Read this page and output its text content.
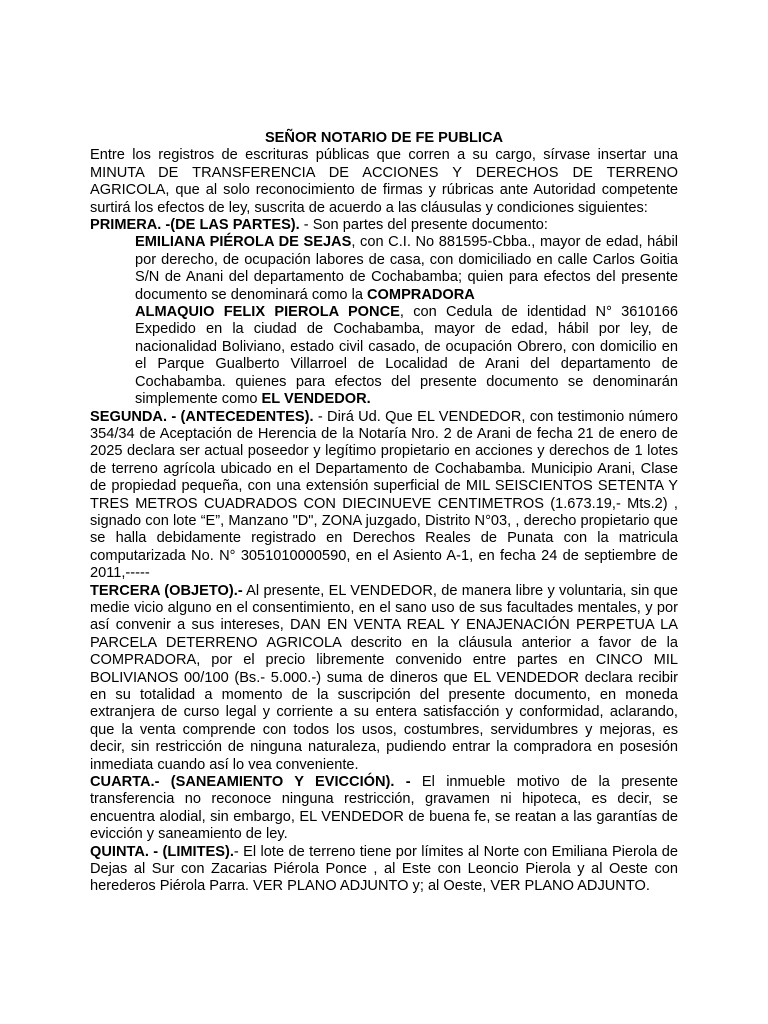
SEÑOR NOTARIO DE FE PUBLICA

Entre los registros de escrituras públicas que corren a su cargo, sírvase insertar una MINUTA DE TRANSFERENCIA DE ACCIONES Y DERECHOS DE TERRENO AGRICOLA, que al solo reconocimiento de firmas y rúbricas ante Autoridad competente surtirá los efectos de ley, suscrita de acuerdo a las cláusulas y condiciones siguientes:

PRIMERA. -(DE LAS PARTES). - Son partes del presente documento:

EMILIANA PIÉROLA DE SEJAS, con C.I. No 881595-Cbba., mayor de edad, hábil por derecho, de ocupación labores de casa, con domiciliado en calle Carlos Goitia S/N de Anani del departamento de Cochabamba; quien para efectos del presente documento se denominará como la COMPRADORA

ALMAQUIO FELIX PIEROLA PONCE, con Cedula de identidad N° 3610166 Expedido en la ciudad de Cochabamba, mayor de edad, hábil por ley, de nacionalidad Boliviano, estado civil casado, de ocupación Obrero, con domicilio en el Parque Gualberto Villarroel de Localidad de Arani del departamento de Cochabamba. quienes para efectos del presente documento se denominarán simplemente como EL VENDEDOR.

SEGUNDA. - (ANTECEDENTES). - Dirá Ud. Que EL VENDEDOR, con testimonio número 354/34 de Aceptación de Herencia de la Notaría Nro. 2 de Arani de fecha 21 de enero de 2025 declara ser actual poseedor y legítimo propietario en acciones y derechos de 1 lotes de terreno agrícola ubicado en el Departamento de Cochabamba. Municipio Arani, Clase de propiedad pequeña, con una extensión superficial de MIL SEISCIENTOS SETENTA Y TRES METROS CUADRADOS CON DIECINUEVE CENTIMETROS (1.673.19,- Mts.2) , signado con lote “E”, Manzano "D", ZONA juzgado, Distrito N°03, , derecho propietario que se halla debidamente registrado en Derechos Reales de Punata con la matricula computarizada No. N° 3051010000590, en el Asiento A-1, en fecha 24 de septiembre de 2011,-----

TERCERA (OBJETO).- Al presente, EL VENDEDOR, de manera libre y voluntaria, sin que medie vicio alguno en el consentimiento, en el sano uso de sus facultades mentales, y por así convenir a sus intereses, DAN EN VENTA REAL Y ENAJENACIÓN PERPETUA LA PARCELA DETERRENO AGRICOLA descrito en la cláusula anterior a favor de la COMPRADORA, por el precio libremente convenido entre partes en CINCO MIL BOLIVIANOS 00/100 (Bs.- 5.000.-) suma de dineros que EL VENDEDOR declara recibir en su totalidad a momento de la suscripción del presente documento, en moneda extranjera de curso legal y corriente a su entera satisfacción y conformidad, aclarando, que la venta comprende con todos los usos, costumbres, servidumbres y mejoras, es decir, sin restricción de ninguna naturaleza, pudiendo entrar la compradora en posesión inmediata cuando así lo vea conveniente.

CUARTA.- (SANEAMIENTO Y EVICCIÓN). - El inmueble motivo de la presente transferencia no reconoce ninguna restricción, gravamen ni hipoteca, es decir, se encuentra alodial, sin embargo, EL VENDEDOR de buena fe, se reatan a las garantías de evicción y saneamiento de ley.

QUINTA. - (LIMITES).- El lote de terreno tiene por límites al Norte con Emiliana Pierola de Dejas al Sur con Zacarias Piérola Ponce , al Este con Leoncio Pierola y al Oeste con herederos Piérola Parra. VER PLANO ADJUNTO y; al Oeste, VER PLANO ADJUNTO.
